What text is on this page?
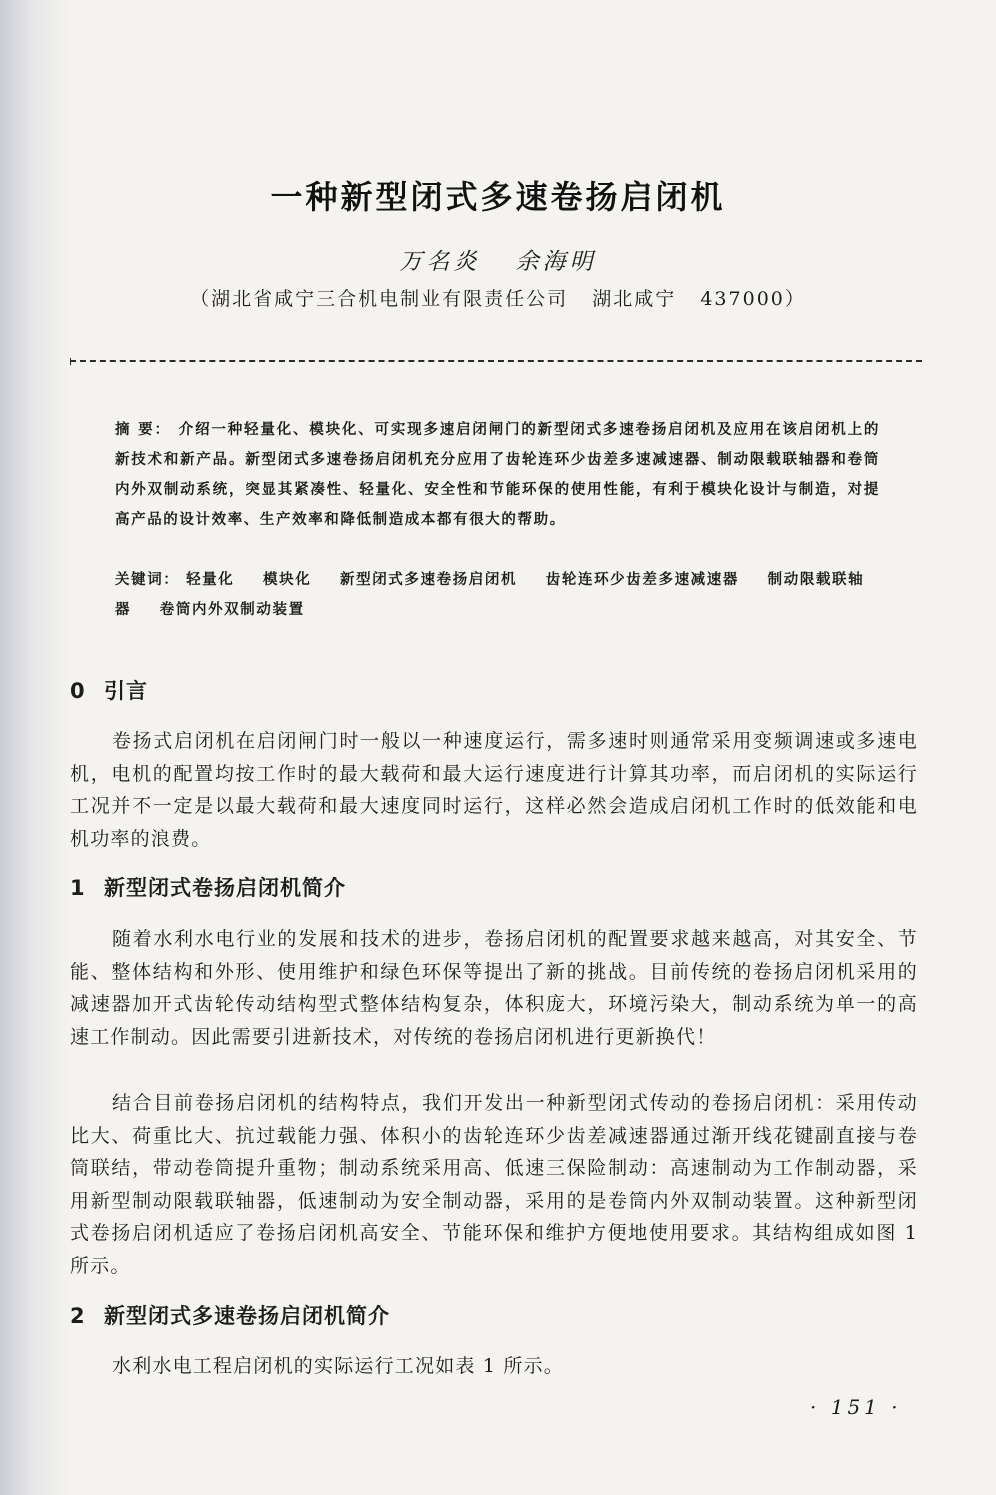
一种新型闭式多速卷扬启闭机
万名炎 余海明
（湖北省咸宁三合机电制业有限责任公司   湖北咸宁   437000）
摘 要： 介绍一种轻量化、模块化、可实现多速启闭闸门的新型闭式多速卷扬启闭机及应用在该启闭机上的新技术和新产品。新型闭式多速卷扬启闭机充分应用了齿轮连环少齿差多速减速器、制动限载联轴器和卷筒内外双制动系统，突显其紧凑性、轻量化、安全性和节能环保的使用性能，有利于模块化设计与制造，对提高产品的设计效率、生产效率和降低制造成本都有很大的帮助。
关键词： 轻量化 模块化 新型闭式多速卷扬启闭机 齿轮连环少齿差多速减速器 制动限载联轴器 卷筒内外双制动装置
0 引言
卷扬式启闭机在启闭闸门时一般以一种速度运行，需多速时则通常采用变频调速或多速电机，电机的配置均按工作时的最大载荷和最大运行速度进行计算其功率，而启闭机的实际运行工况并不一定是以最大载荷和最大速度同时运行，这样必然会造成启闭机工作时的低效能和电机功率的浪费。
1 新型闭式卷扬启闭机简介
随着水利水电行业的发展和技术的进步，卷扬启闭机的配置要求越来越高，对其安全、节能、整体结构和外形、使用维护和绿色环保等提出了新的挑战。目前传统的卷扬启闭机采用的减速器加开式齿轮传动结构型式整体结构复杂，体积庞大，环境污染大，制动系统为单一的高速工作制动。因此需要引进新技术，对传统的卷扬启闭机进行更新换代！
结合目前卷扬启闭机的结构特点，我们开发出一种新型闭式传动的卷扬启闭机：采用传动比大、荷重比大、抗过载能力强、体积小的齿轮连环少齿差减速器通过渐开线花键副直接与卷筒联结，带动卷筒提升重物；制动系统采用高、低速三保险制动：高速制动为工作制动器，采用新型制动限载联轴器，低速制动为安全制动器，采用的是卷筒内外双制动装置。这种新型闭式卷扬启闭机适应了卷扬启闭机高安全、节能环保和维护方便地使用要求。其结构组成如图 1 所示。
2 新型闭式多速卷扬启闭机简介
水利水电工程启闭机的实际运行工况如表 1 所示。
· 151 ·
